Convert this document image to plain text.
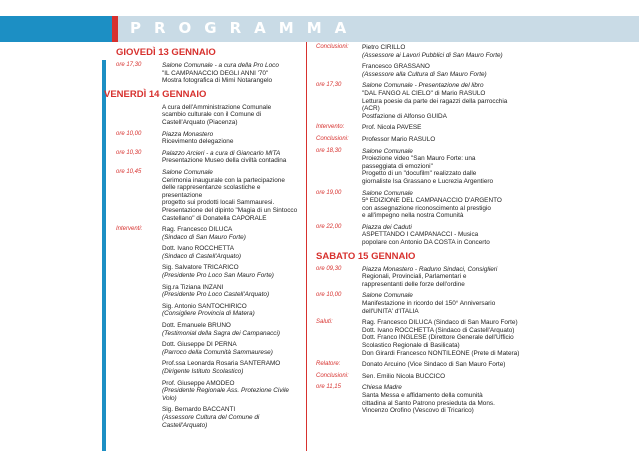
PROGRAMMA
GIOVEDÌ 13 GENNAIO
ore 17,30	Salone Comunale - a cura della Pro Loco
"IL CAMPANACCIO DEGLI ANNI '70"
Mostra fotografica di Mimì Notarangelo
VENERDÌ 14 GENNAIO
A cura dell'Amministrazione Comunale
scambio culturale con il Comune di
Castell'Arquato (Piacenza)
ore 10,00	Piazza Monastero
Ricevimento delegazione
ore 10,30	Palazzo Arcieri - a cura di Giancarlo MITA
Presentazione Museo della civiltà contadina
ore 10,45	Salone Comunale
Cerimonia inaugurale con la partecipazione
delle rappresentanze scolastiche e presentazione
progetto sui prodotti locali Sammauresi.
Presentazione del dipinto "Magia di un Sintocco
Castellano" di Donatella CAPORALE
Interventi:	Rag. Francesco DILUCA
(Sindaco di San Mauro Forte)
Dott. Ivano ROCCHETTA
(Sindaco di Castell'Arquato)
Sig. Salvatore TRICARICO
(Presidente Pro Loco San Mauro Forte)
Sig.ra Tiziana INZANI
(Presidente Pro Loco Castell'Arquato)
Sig. Antonio SANTOCHIRICO
(Consigliere Provincia di Matera)
Dott. Emanuele BRUNO
(Testimonial della Sagra dei Campanacci)
Dott. Giuseppe DI PERNA
(Parroco della Comunità Sammaurese)
Prof.ssa Leonarda Rosaria SANTERAMO
(Dirigente Istituto Scolastico)
Prof. Giuseppe AMODEO
(Presidente Regionale Ass. Protezione Civile Volo)
Sig. Bernardo BACCANTI
(Assessore Cultura del Comune di Castell'Arquato)
Conclusioni:	Pietro CIRILLO
(Assessore ai Lavori Pubblici di San Mauro Forte)
Francesco GRASSANO
(Assessore alla Cultura di San Mauro Forte)
ore 17,30	Salone Comunale - Presentazione del libro
"DAL FANGO AL CIELO" di Mario RASULO
Lettura poesie da parte dei ragazzi della parrocchia (ACR)
Postfazione di Alfonso GUIDA
Intervento:	Prof. Nicola PAVESE
Conclusioni:	Professor Mario RASULO
ore 18,30	Salone Comunale
Proiezione video "San Mauro Forte: una
passeggiata di emozioni"
Progetto di un "docufilm" realizzato dalle
giornaliste Isa Grassano e Lucrezia Argentiero
ore 19,00	Salone Comunale
5ª EDIZIONE DEL CAMPANACCIO D'ARGENTO
con assegnazione riconoscimento al prestigio
e all'impegno nella nostra Comunità
ore 22,00	Piazza dei Caduti
ASPETTANDO I CAMPANACCI - Musica
popolare con Antonio DA COSTA in Concerto
SABATO 15 GENNAIO
ore 09,30	Piazza Monastero - Raduno Sindaci, Consiglieri
Regionali, Provinciali, Parlamentari e
rappresentanti delle forze dell'ordine
ore 10,00	Salone Comunale
Manifestazione in ricordo del 150° Anniversario
dell'UNITA' d'ITALIA
Saluti:	Rag. Francesco DILUCA (Sindaco di San Mauro Forte)
Dott. Ivano ROCCHETTA (Sindaco di Castell'Arquato)
Dott. Franco INGLESE (Direttore Generale dell'Ufficio
Scolastico Regionale di Basilicata)
Don Girardi Francesco NONTILEONE (Prete di Matera)
Relatore:	Donato Arcuino (Vice Sindaco di San Mauro Forte)
Conclusioni:	Sen. Emilio Nicola BUCCICO
ore 11,15	Chiesa Madre
Santa Messa e affidamento della comunità
cittadina al Santo Patrono presieduta da Mons.
Vincenzo Orofino (Vescovo di Tricarico)
